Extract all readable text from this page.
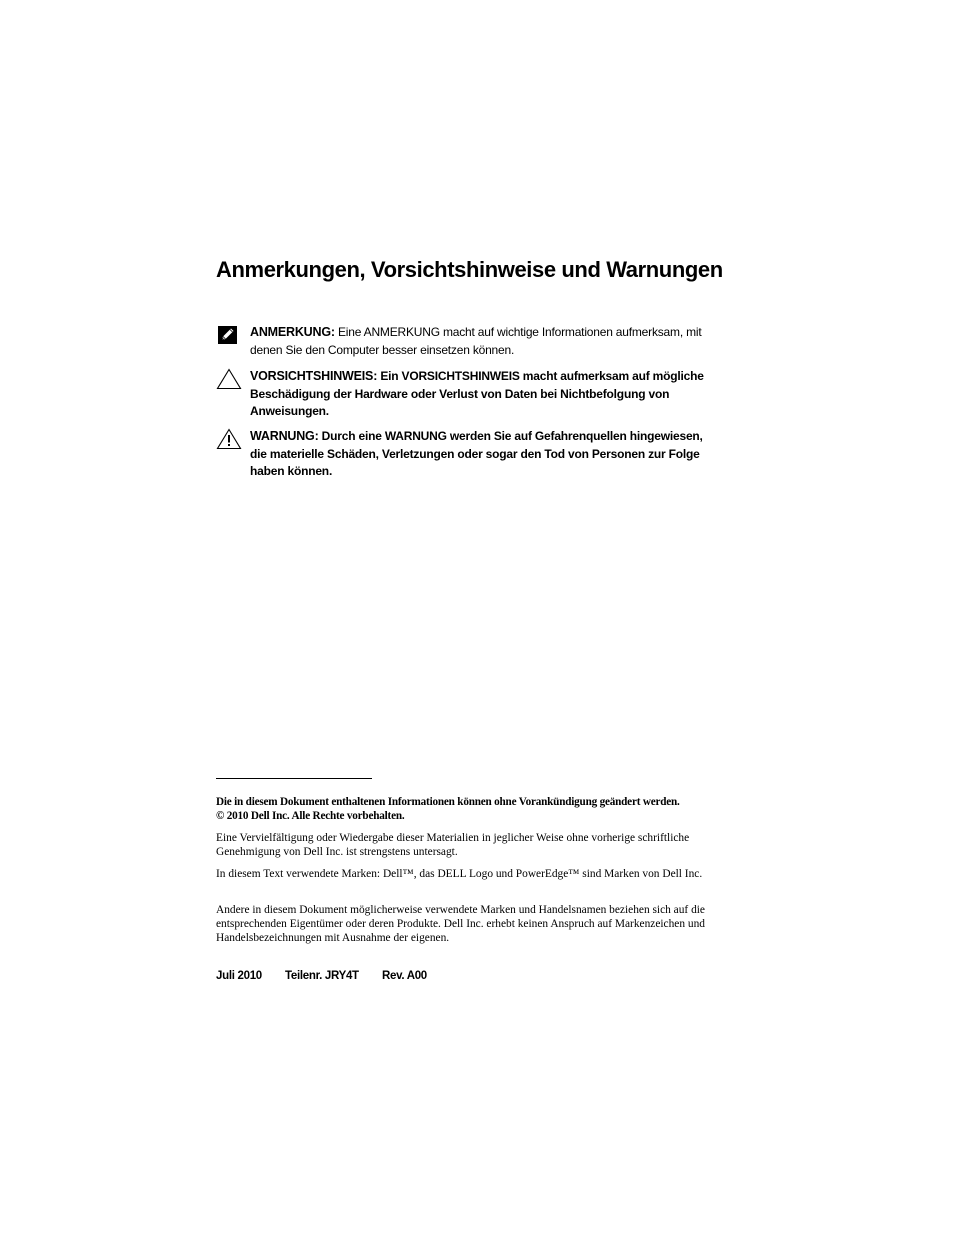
Anmerkungen, Vorsichtshinweise und Warnungen
ANMERKUNG: Eine ANMERKUNG macht auf wichtige Informationen aufmerksam, mit denen Sie den Computer besser einsetzen können.
VORSICHTSHINWEIS: Ein VORSICHTSHINWEIS macht aufmerksam auf mögliche Beschädigung der Hardware oder Verlust von Daten bei Nichtbefolgung von Anweisungen.
WARNUNG: Durch eine WARNUNG werden Sie auf Gefahrenquellen hingewiesen, die materielle Schäden, Verletzungen oder sogar den Tod von Personen zur Folge haben können.

Die in diesem Dokument enthaltenen Informationen können ohne Vorankündigung geändert werden.
© 2010 Dell Inc. Alle Rechte vorbehalten.

Eine Vervielfältigung oder Wiedergabe dieser Materialien in jeglicher Weise ohne vorherige schriftliche Genehmigung von Dell Inc. ist strengstens untersagt.

In diesem Text verwendete Marken: Dell™, das DELL Logo und PowerEdge™ sind Marken von Dell Inc.

Andere in diesem Dokument möglicherweise verwendete Marken und Handelsnamen beziehen sich auf die entsprechenden Eigentümer oder deren Produkte. Dell Inc. erhebt keinen Anspruch auf Markenzeichen und Handelsbezeichnungen mit Ausnahme der eigenen.

Juli 2010 Teilenr. JRY4T Rev. A00
